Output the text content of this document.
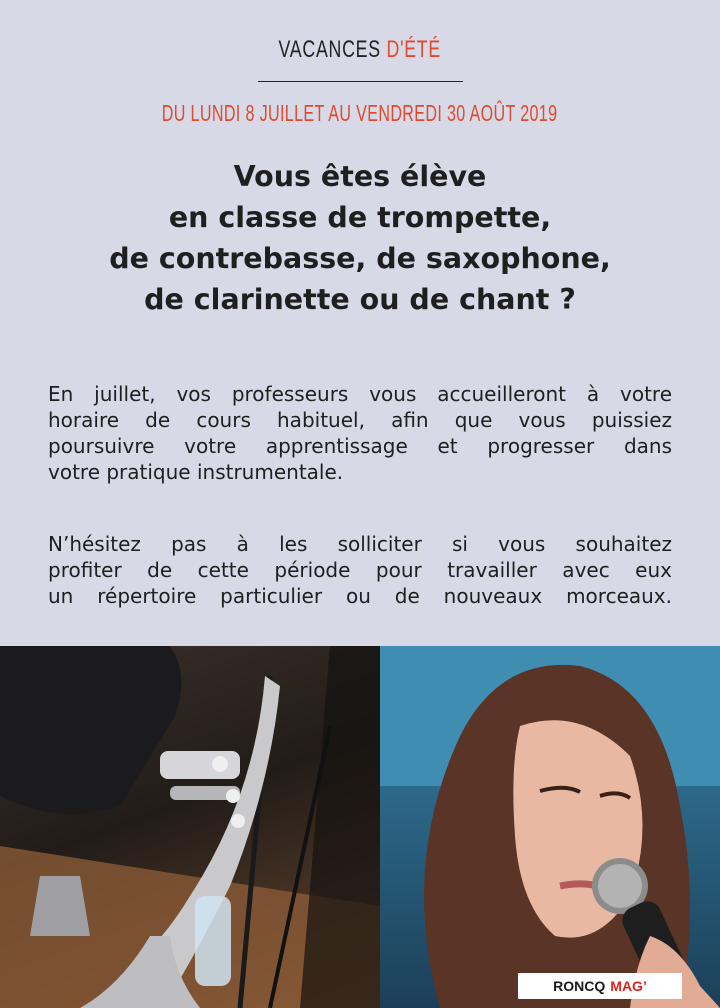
VACANCES D'ÉTÉ
DU LUNDI 8 JUILLET AU VENDREDI 30 AOÛT 2019
Vous êtes élève
en classe de trompette,
de contrebasse, de saxophone,
de clarinette ou de chant ?

En juillet, vos professeurs vous accueilleront à votre
horaire de cours habituel, afin que vous puissiez
poursuivre votre apprentissage et progresser dans
votre pratique instrumentale.

N’hésitez pas à les solliciter si vous souhaitez
profiter de cette période pour travailler avec eux
un répertoire particulier ou de nouveaux morceaux.

RONCQ MAG’
